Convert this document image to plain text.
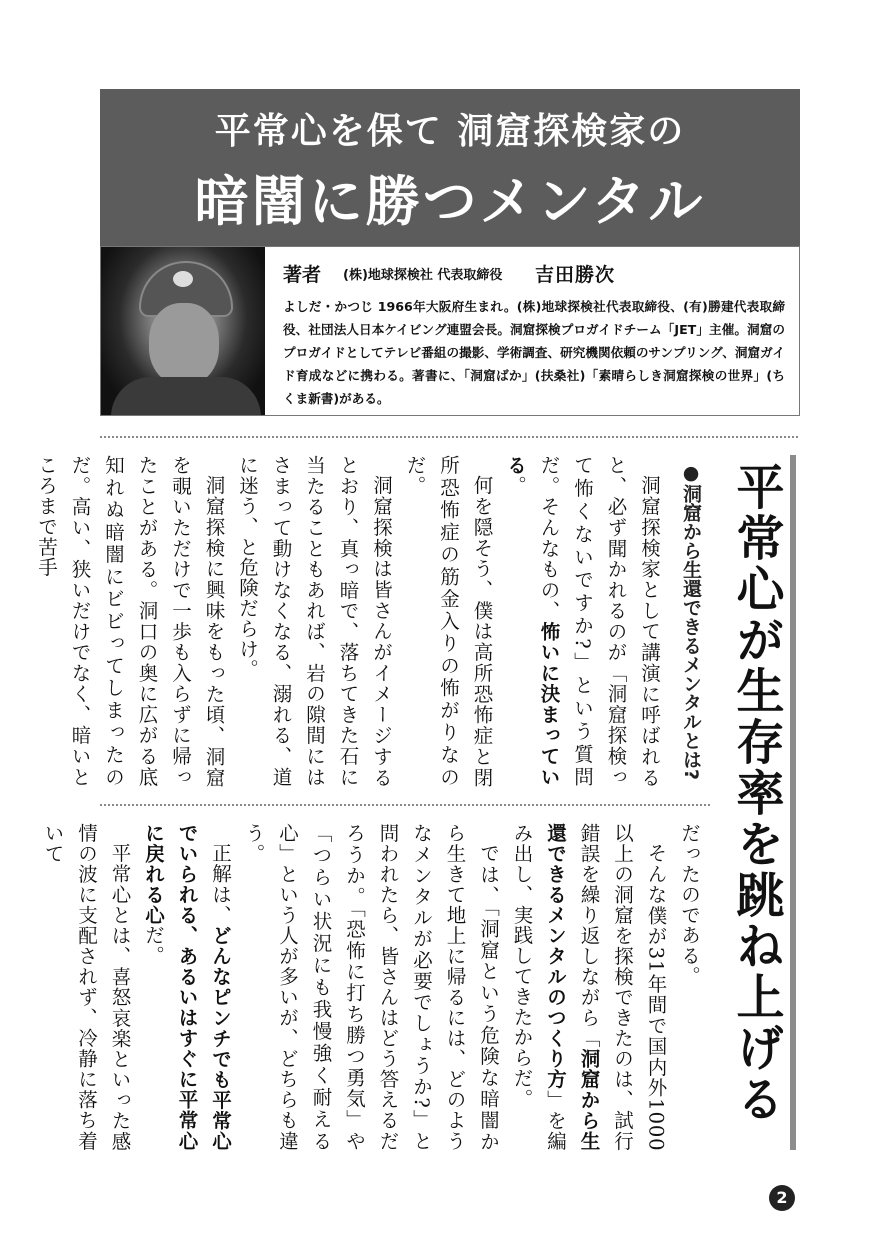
平常心を保て 洞窟探検家の
暗闇に勝つメンタル
著者 (株)地球探検社 代表取締役 吉田勝次
よしだ・かつじ 1966年大阪府生まれ。(株)地球探検社代表取締役、(有)勝建代表取締役、社団法人日本ケイビング連盟会長。洞窟探検プロガイドチーム「JET」主催。洞窟のプロガイドとしてテレビ番組の撮影、学術調査、研究機関依頼のサンプリング、洞窟ガイド育成などに携わる。著書に、「洞窟ばか」(扶桑社)「素晴らしき洞窟探検の世界」(ちくま新書)がある。
平常心が生存率を跳ね上げる
●洞窟から生還できるメンタルとは?

洞窟探検家として講演に呼ばれると、必ず聞かれるのが「洞窟探検って怖くないですか?」という質問だ。そんなもの、怖いに決まっている。

何を隠そう、僕は高所恐怖症と閉所恐怖症の筋金入りの怖がりなのだ。

洞窟探検は皆さんがイメージするとおり、真っ暗で、落ちてきた石に当たることもあれば、岩の隙間にはさまって動けなくなる、溺れる、道に迷う、と危険だらけ。

洞窟探検に興味をもった頃、洞窟を覗いただけで一歩も入らずに帰ったことがある。洞口の奥に広がる底知れぬ暗闇にビビってしまったのだ。高い、狭いだけでなく、暗いところまで苦手

だったのである。

そんな僕が31年間で国内外1000以上の洞窟を探検できたのは、試行錯誤を繰り返しながら「洞窟から生還できるメンタルのつくり方」を編み出し、実践してきたからだ。

では、「洞窟という危険な暗闇から生きて地上に帰るには、どのようなメンタルが必要でしょうか?」と問われたら、皆さんはどう答えるだろうか。「恐怖に打ち勝つ勇気」や「つらい状況にも我慢強く耐える心」という人が多いが、どちらも違う。

正解は、どんなピンチでも平常心でいられる、あるいはすぐに平常心に戻れる心だ。

平常心とは、喜怒哀楽といった感情の波に支配されず、冷静に落ち着いて

2
